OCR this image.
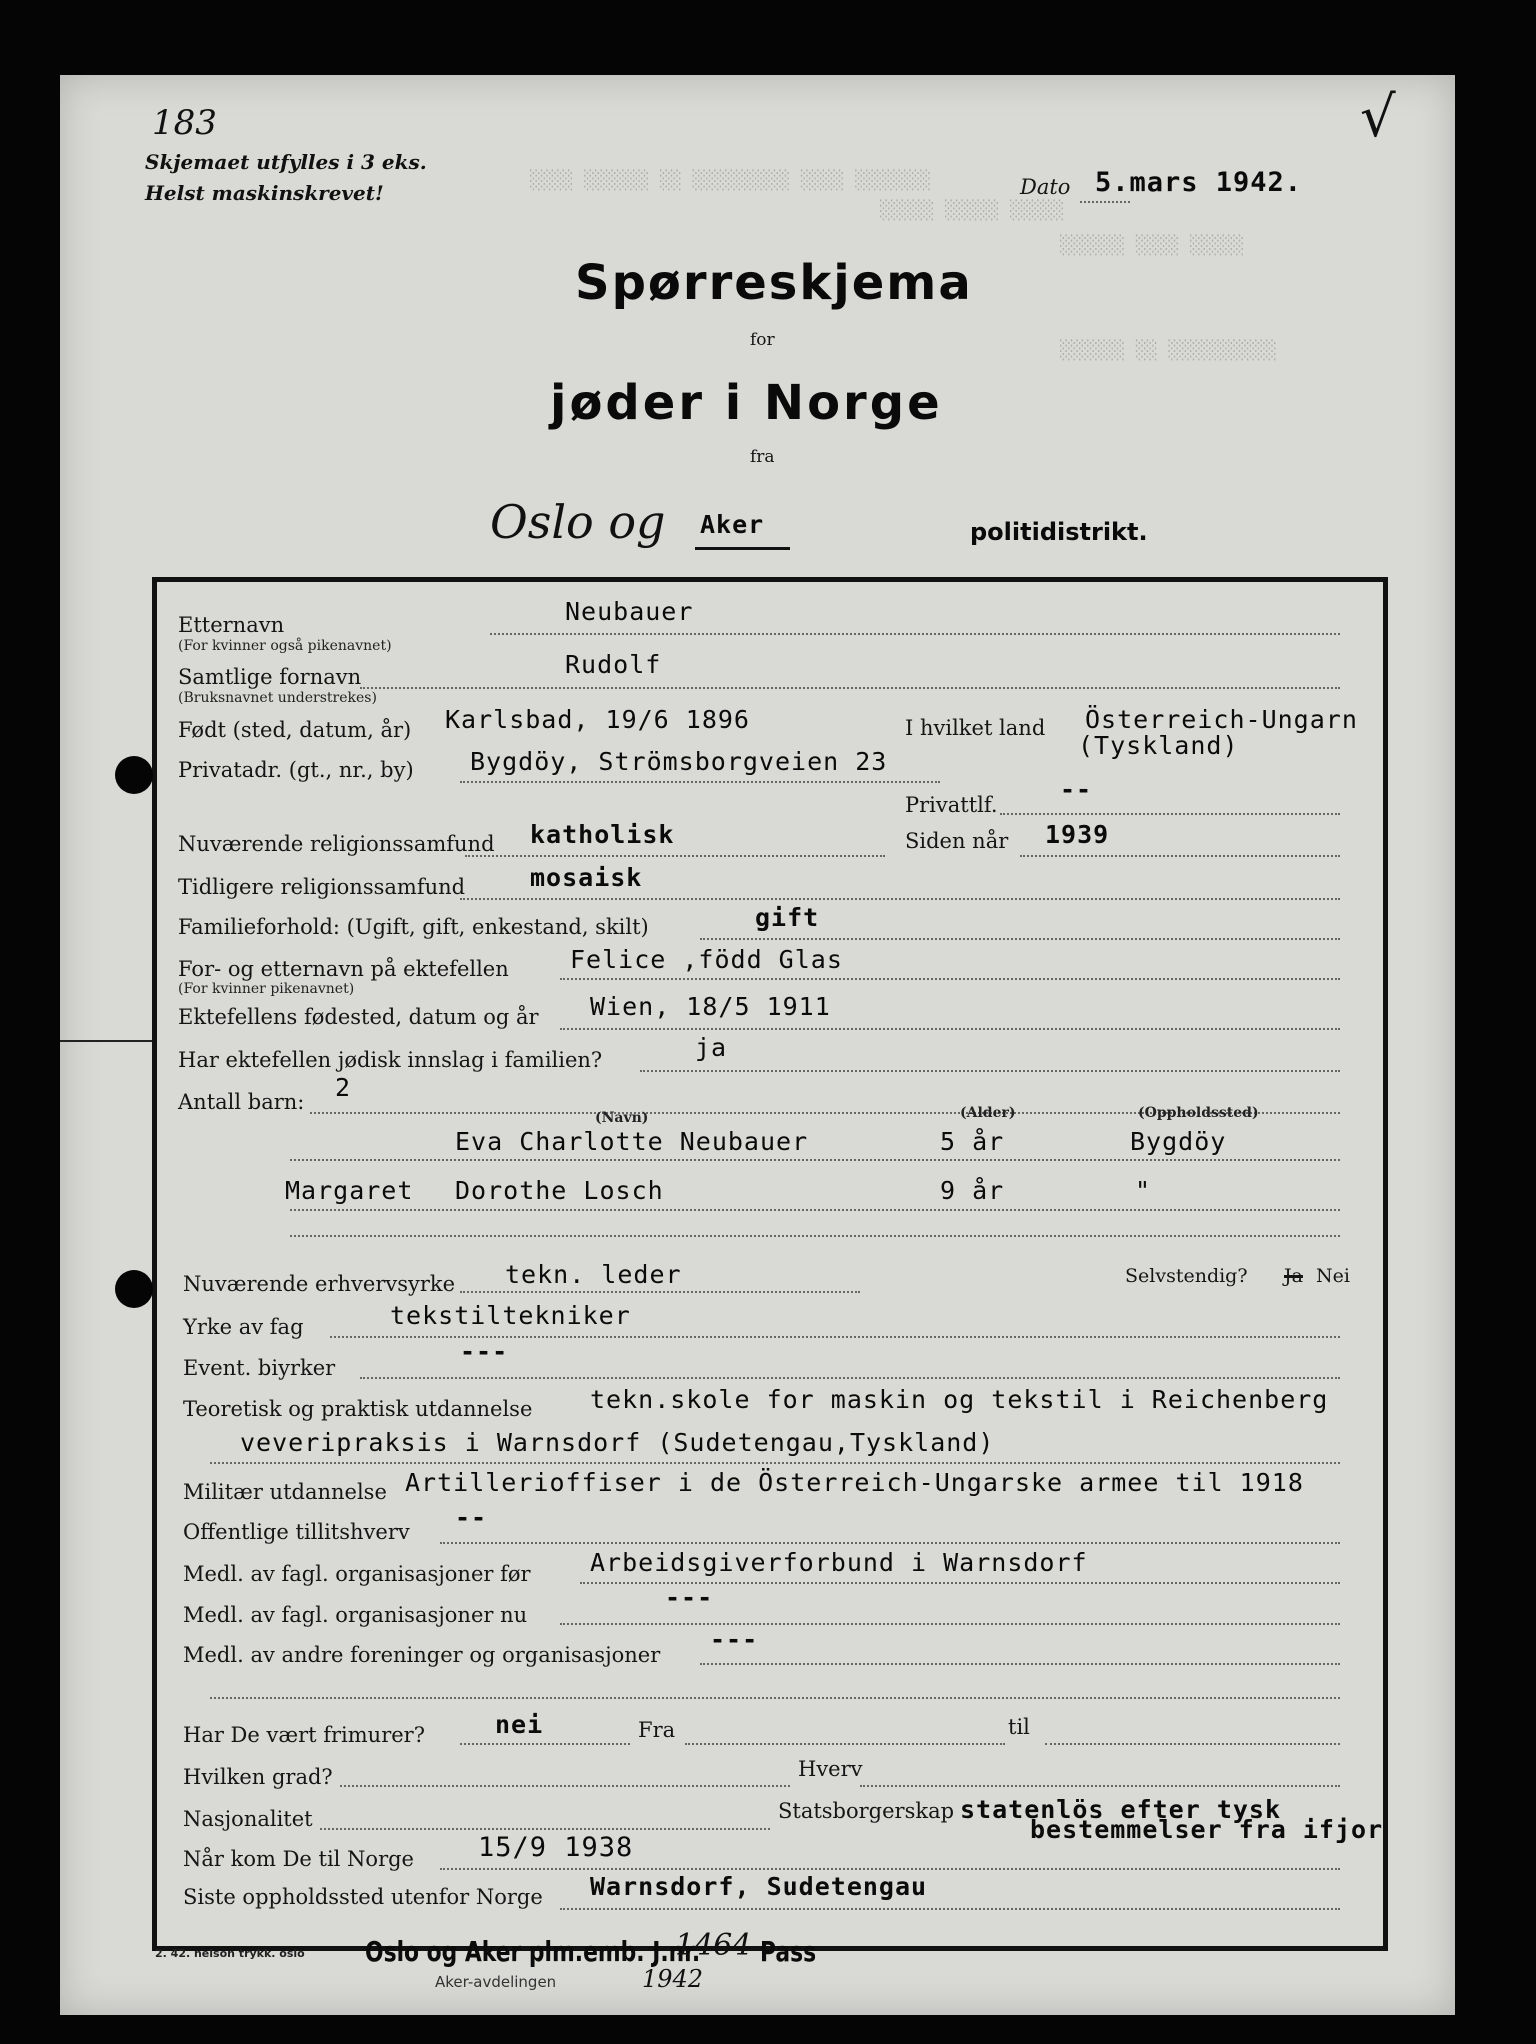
░░░░ ░░░░░░ ░░ ░░░░░░░░░ ░░░░ ░░░░░░░
░░░░░ ░░░░░ ░░░░░
░░░░░░ ░░░░ ░░░░░
░░░░░░ ░░ ░░░░░░░░░░
183	√
Skjemaet utfylles i 3 eks.
Helst maskinskrevet!	Dato 5.mars 1942.
Spørreskjema
for
jøder i Norge
fra
Oslo og Aker	politidistrikt.
Etternavn
(For kvinner også pikenavnet)
Neubauer
Samtlige fornavn
(Bruksnavnet understrekes)
Rudolf
Født (sted, datum, år) Karlsbad, 19/6 1896	I hvilket land Österreich-Ungarn
(Tyskland)
Privatadr. (gt., nr., by) Bygdöy, Strömsborgveien 23
Privattlf.
--
Nuværende religionssamfund katholisk	Siden når 1939
Tidligere religionssamfund	mosaisk
Familieforhold: (Ugift, gift, enkestand, skilt)	gift
For- og etternavn på ektefellen
(For kvinner pikenavnet)
Felice ,född Glas
Ektefellens fødested, datum og år Wien, 18/5 1911
Har ektefellen jødisk innslag i familien?	ja
Antall barn: 2
(Navn)	(Alder)	(Oppholdssted)
Eva Charlotte Neubauer	5 år	Bygdöy
Margaret Dorothe Losch	9 år	"
Nuværende erhvervsyrke tekn. leder	Selvstendig? Ja Nei
Yrke av fag	tekstiltekniker
Event. biyrker
---
Teoretisk og praktisk utdannelse tekn.skole for maskin og tekstil i Reichenberg
veveripraksis i Warnsdorf (Sudetengau,Tyskland)
Militær utdannelse Artillerioffiser i de Österreich-Ungarske armee til 1918
Offentlige tillitshverv --
Medl. av fagl. organisasjoner før Arbeidsgiverforbund i Warnsdorf
Medl. av fagl. organisasjoner nu
---
Medl. av andre foreninger og organisasjoner
---
Har De vært frimurer?	nei	Fra	til
Hvilken grad?	Hverv
Nasjonalitet	Statsborgerskap statenlös efter tysk
bestemmelser fra ifjor
Når kom De til Norge 15/9 1938
Siste oppholdssted utenfor Norge Warnsdorf, Sudetengau
2. 42. nelson trykk. oslo Oslo og Aker plm.emb. J.nr.
1464 Pass
Aker-avdelingen	1942
